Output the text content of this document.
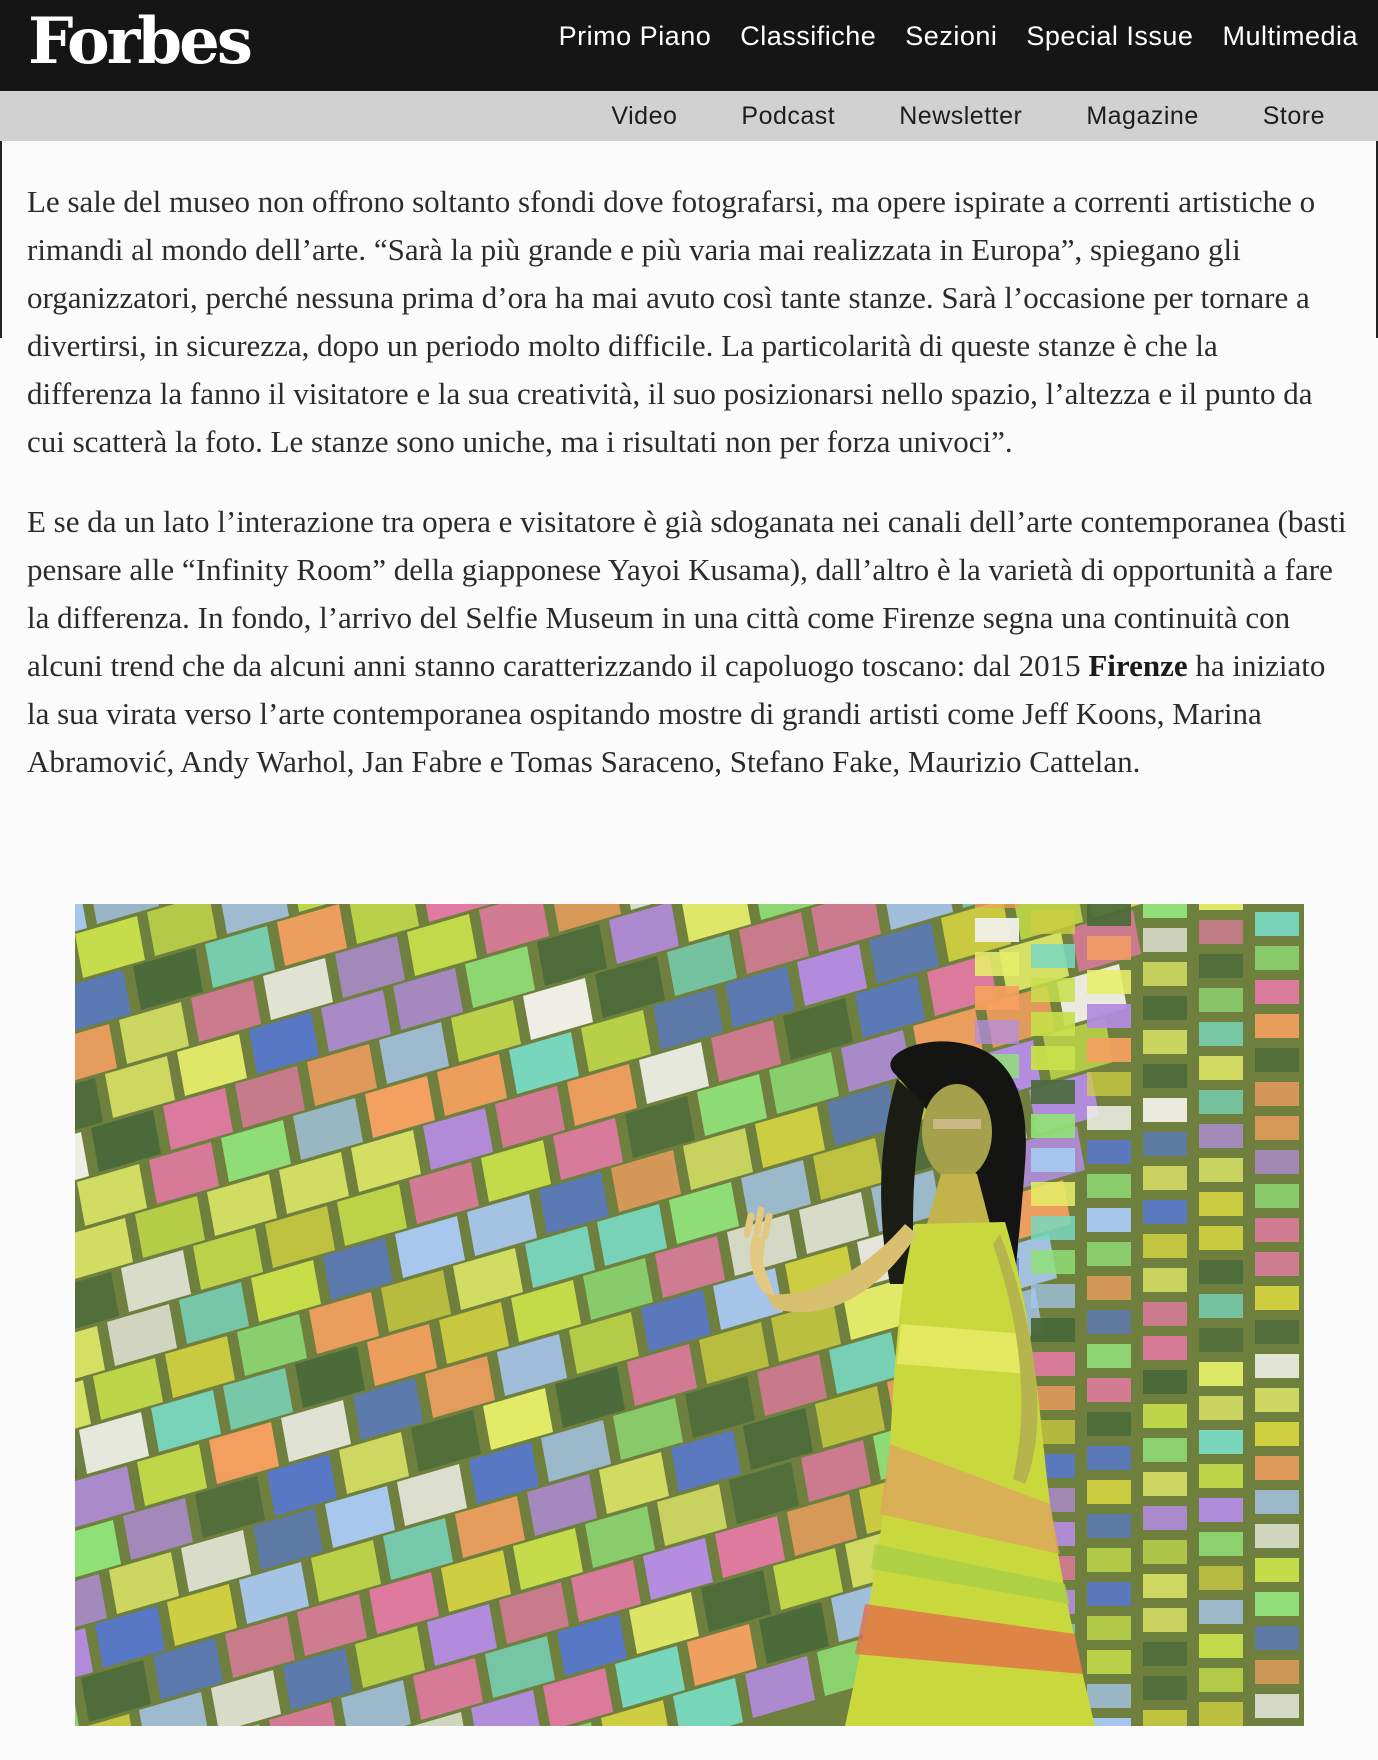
Forbes	Primo Piano Classifiche Sezioni Special Issue Multimedia
Video	Podcast	Newsletter	Magazine	Store

Le sale del museo non offrono soltanto sfondi dove fotografarsi, ma opere ispirate a correnti artistiche o rimandi al mondo dell’arte. “Sarà la più grande e più varia mai realizzata in Europa”, spiegano gli organizzatori, perché nessuna prima d’ora ha mai avuto così tante stanze. Sarà l’occasione per tornare a divertirsi, in sicurezza, dopo un periodo molto difficile. La particolarità di queste stanze è che la differenza la fanno il visitatore e la sua creatività, il suo posizionarsi nello spazio, l’altezza e il punto da cui scatterà la foto. Le stanze sono uniche, ma i risultati non per forza univoci”.

E se da un lato l’interazione tra opera e visitatore è già sdoganata nei canali dell’arte contemporanea (basti pensare alle “Infinity Room” della giapponese Yayoi Kusama), dall’altro è la varietà di opportunità a fare la differenza. In fondo, l’arrivo del Selfie Museum in una città come Firenze segna una continuità con alcuni trend che da alcuni anni stanno caratterizzando il capoluogo toscano: dal 2015 Firenze ha iniziato la sua virata verso l’arte contemporanea ospitando mostre di grandi artisti come Jeff Koons, Marina Abramović, Andy Warhol, Jan Fabre e Tomas Saraceno, Stefano Fake, Maurizio Cattelan.
